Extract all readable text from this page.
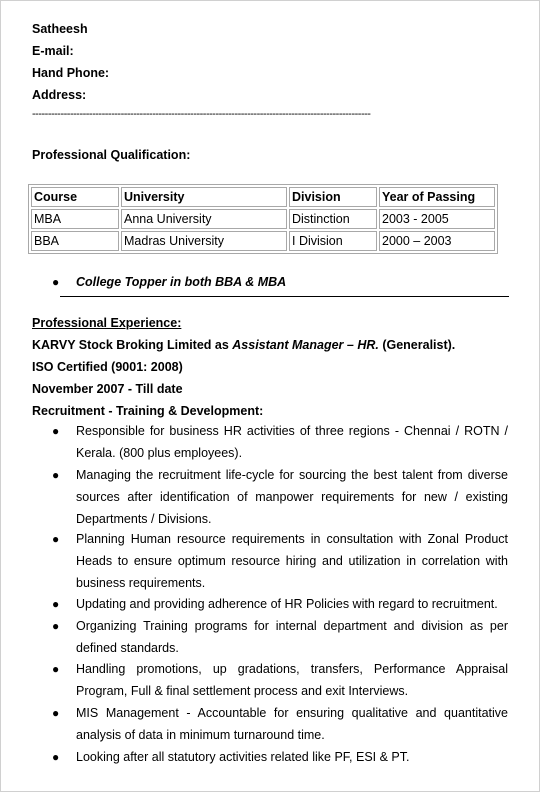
Satheesh
E-mail:
Hand Phone:
Address:
-----------------------------------------------------------------------------------------------------------
Professional Qualification:
Course	University	Division	Year of Passing
MBA	Anna University	Distinction	2003 - 2005
BBA	Madras University	I Division	2000 – 2003
● College Topper in both BBA & MBA
Professional Experience:
KARVY Stock Broking Limited as Assistant Manager – HR. (Generalist).
ISO Certified (9001: 2008)
November 2007 - Till date
Recruitment - Training & Development:
● Responsible for business HR activities of three regions - Chennai / ROTN / Kerala. (800 plus employees).
● Managing the recruitment life-cycle for sourcing the best talent from diverse sources after identification of manpower requirements for new / existing Departments / Divisions.
● Planning Human resource requirements in consultation with Zonal Product Heads to ensure optimum resource hiring and utilization in correlation with business requirements.
● Updating and providing adherence of HR Policies with regard to recruitment.
● Organizing Training programs for internal department and division as per defined standards.
● Handling promotions, up gradations, transfers, Performance Appraisal Program, Full & final settlement process and exit Interviews.
● MIS Management - Accountable for ensuring qualitative and quantitative analysis of data in minimum turnaround time.
● Looking after all statutory activities related like PF, ESI & PT.
